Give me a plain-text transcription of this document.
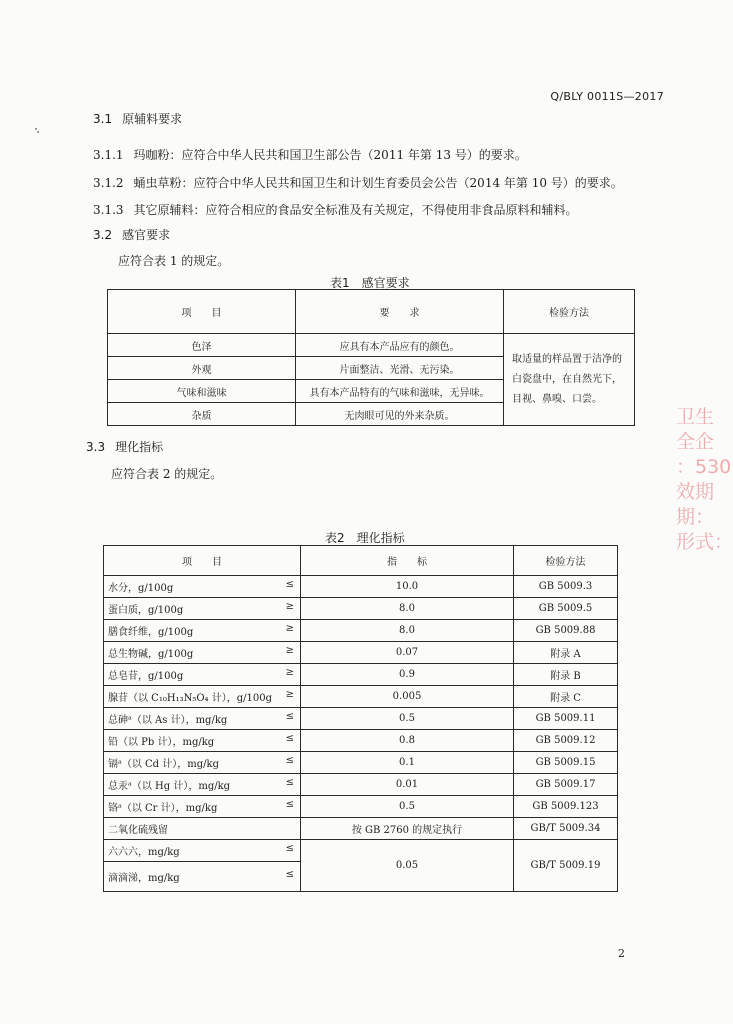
Q/BLY 0011S—2017
3.1 原辅料要求
3.1.1 玛咖粉：应符合中华人民共和国卫生部公告（2011 年第 13 号）的要求。
3.1.2 蛹虫草粉：应符合中华人民共和国卫生和计划生育委员会公告（2014 年第 10 号）的要求。
3.1.3 其它原辅料：应符合相应的食品安全标准及有关规定，不得使用非食品原料和辅料。
3.2 感官要求
应符合表 1 的规定。
表1　感官要求
项　　目	要　　求	检验方法
色泽	应具有本产品应有的颜色。	取适量的样品置于洁净的白瓷盘中，在自然光下，目视、鼻嗅、口尝。
外观	片面整洁、光滑、无污染。	
气味和滋味	具有本产品特有的气味和滋味，无异味。	
杂质	无肉眼可见的外来杂质。	
3.3 理化指标
应符合表 2 的规定。
表2　理化指标
项　　目	指　　标	检验方法
水分，g/100g ≤	10.0	GB 5009.3
蛋白质，g/100g ≥	8.0	GB 5009.5
膳食纤维，g/100g ≥	8.0	GB 5009.88
总生物碱，g/100g ≥	0.07	附录 A
总皂苷，g/100g ≥	0.9	附录 B
腺苷（以 C₁₀H₁₃N₅O₄ 计），g/100g ≥	0.005	附录 C
总砷ᵃ（以 As 计），mg/kg ≤	0.5	GB 5009.11
铅（以 Pb 计），mg/kg ≤	0.8	GB 5009.12
镉ᵃ（以 Cd 计），mg/kg ≤	0.1	GB 5009.15
总汞ᵃ（以 Hg 计），mg/kg ≤	0.01	GB 5009.17
铬ᵃ（以 Cr 计），mg/kg ≤	0.5	GB 5009.123
二氧化硫残留	按 GB 2760 的规定执行	GB/T 5009.34
六六六，mg/kg ≤	0.05	GB/T 5009.19
滴滴涕，mg/kg ≤		
卫生
全企
：530
效期
期：
形式：
2
